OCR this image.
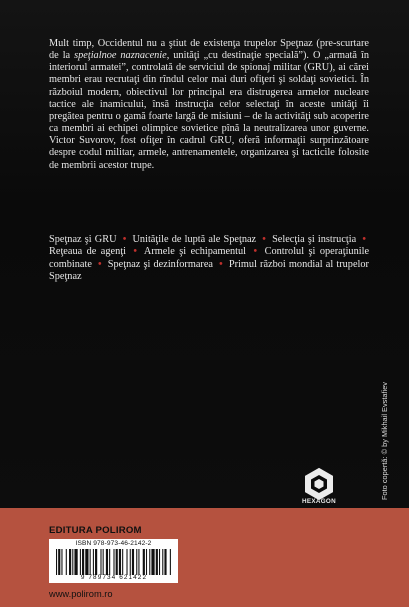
Mult timp, Occidentul nu a ştiut de existenţa trupelor Speţnaz (pre-scurtare de la speţialnoe naznacenie, unităţi „cu destinaţie specială”). O „armată în interiorul armatei”, controlată de serviciul de spionaj militar (GRU), ai cărei membri erau recrutaţi din rîndul celor mai duri ofiţeri şi soldaţi sovietici. În războiul modern, obiectivul lor principal era distrugerea armelor nucleare tactice ale inamicului, însă instrucţia celor selectaţi în aceste unităţi îi pregătea pentru o gamă foarte largă de misiuni – de la activităţi sub acoperire ca membri ai echipei olimpice sovietice pînă la neutralizarea unor guverne. Victor Suvorov, fost ofiţer în cadrul GRU, oferă informaţii surprinzătoare despre codul militar, armele, antrenamentele, organizarea şi tacticile folosite de membrii acestor trupe.
Speţnaz şi GRU • Unităţile de luptă ale Speţnaz • Selecţia şi instrucţia • Reţeaua de agenţi • Armele şi echipamentul • Controlul şi operaţiunile combinate • Speţnaz şi dezinformarea • Primul război mondial al trupelor Speţnaz
Foto copertă: © by Mikhail Evstafiev
HEXAGON
EDITURA POLIROM
ISBN 978-973-46-2142-2
9 789734 621422
www.polirom.ro
